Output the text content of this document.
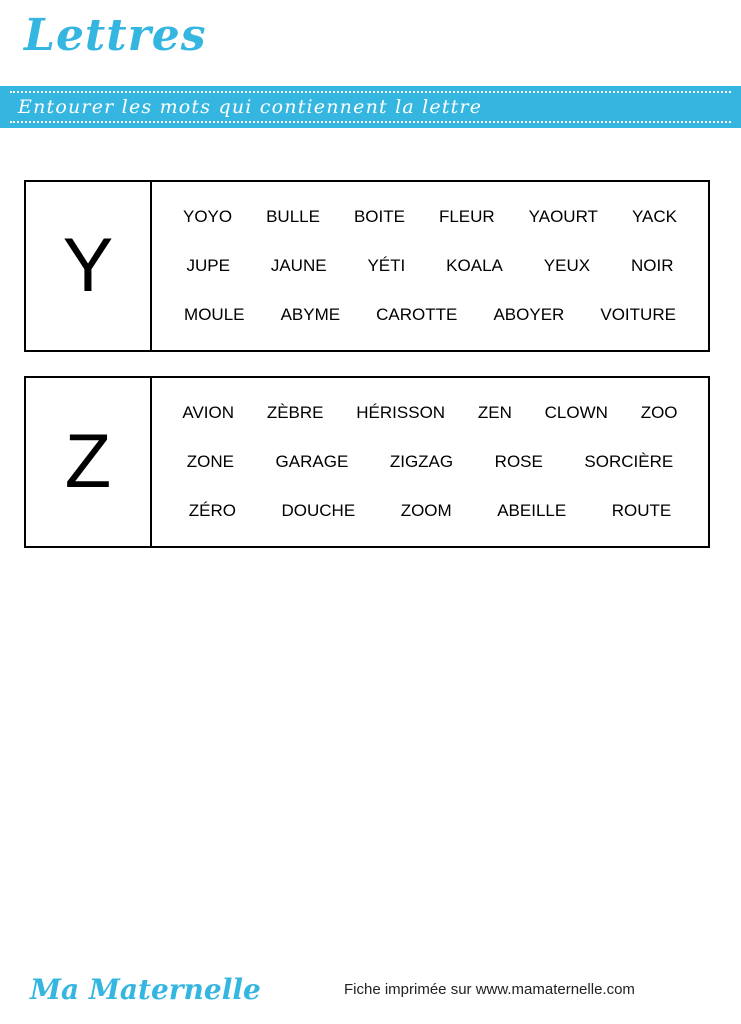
Lettres
Entourer les mots qui contiennent la lettre
Y
YOYO BULLE BOITE FLEUR YAOURT YACK
JUPE JAUNE YÉTI KOALA YEUX NOIR
MOULE ABYME CAROTTE ABOYER VOITURE
Z
AVION ZÈBRE HÉRISSON ZEN CLOWN ZOO
ZONE GARAGE ZIGZAG ROSE SORCIÈRE
ZÉRO	DOUCHE	ZOOM	ABEILLE	ROUTE
Ma Maternelle	Fiche imprimée sur www.mamaternelle.com
